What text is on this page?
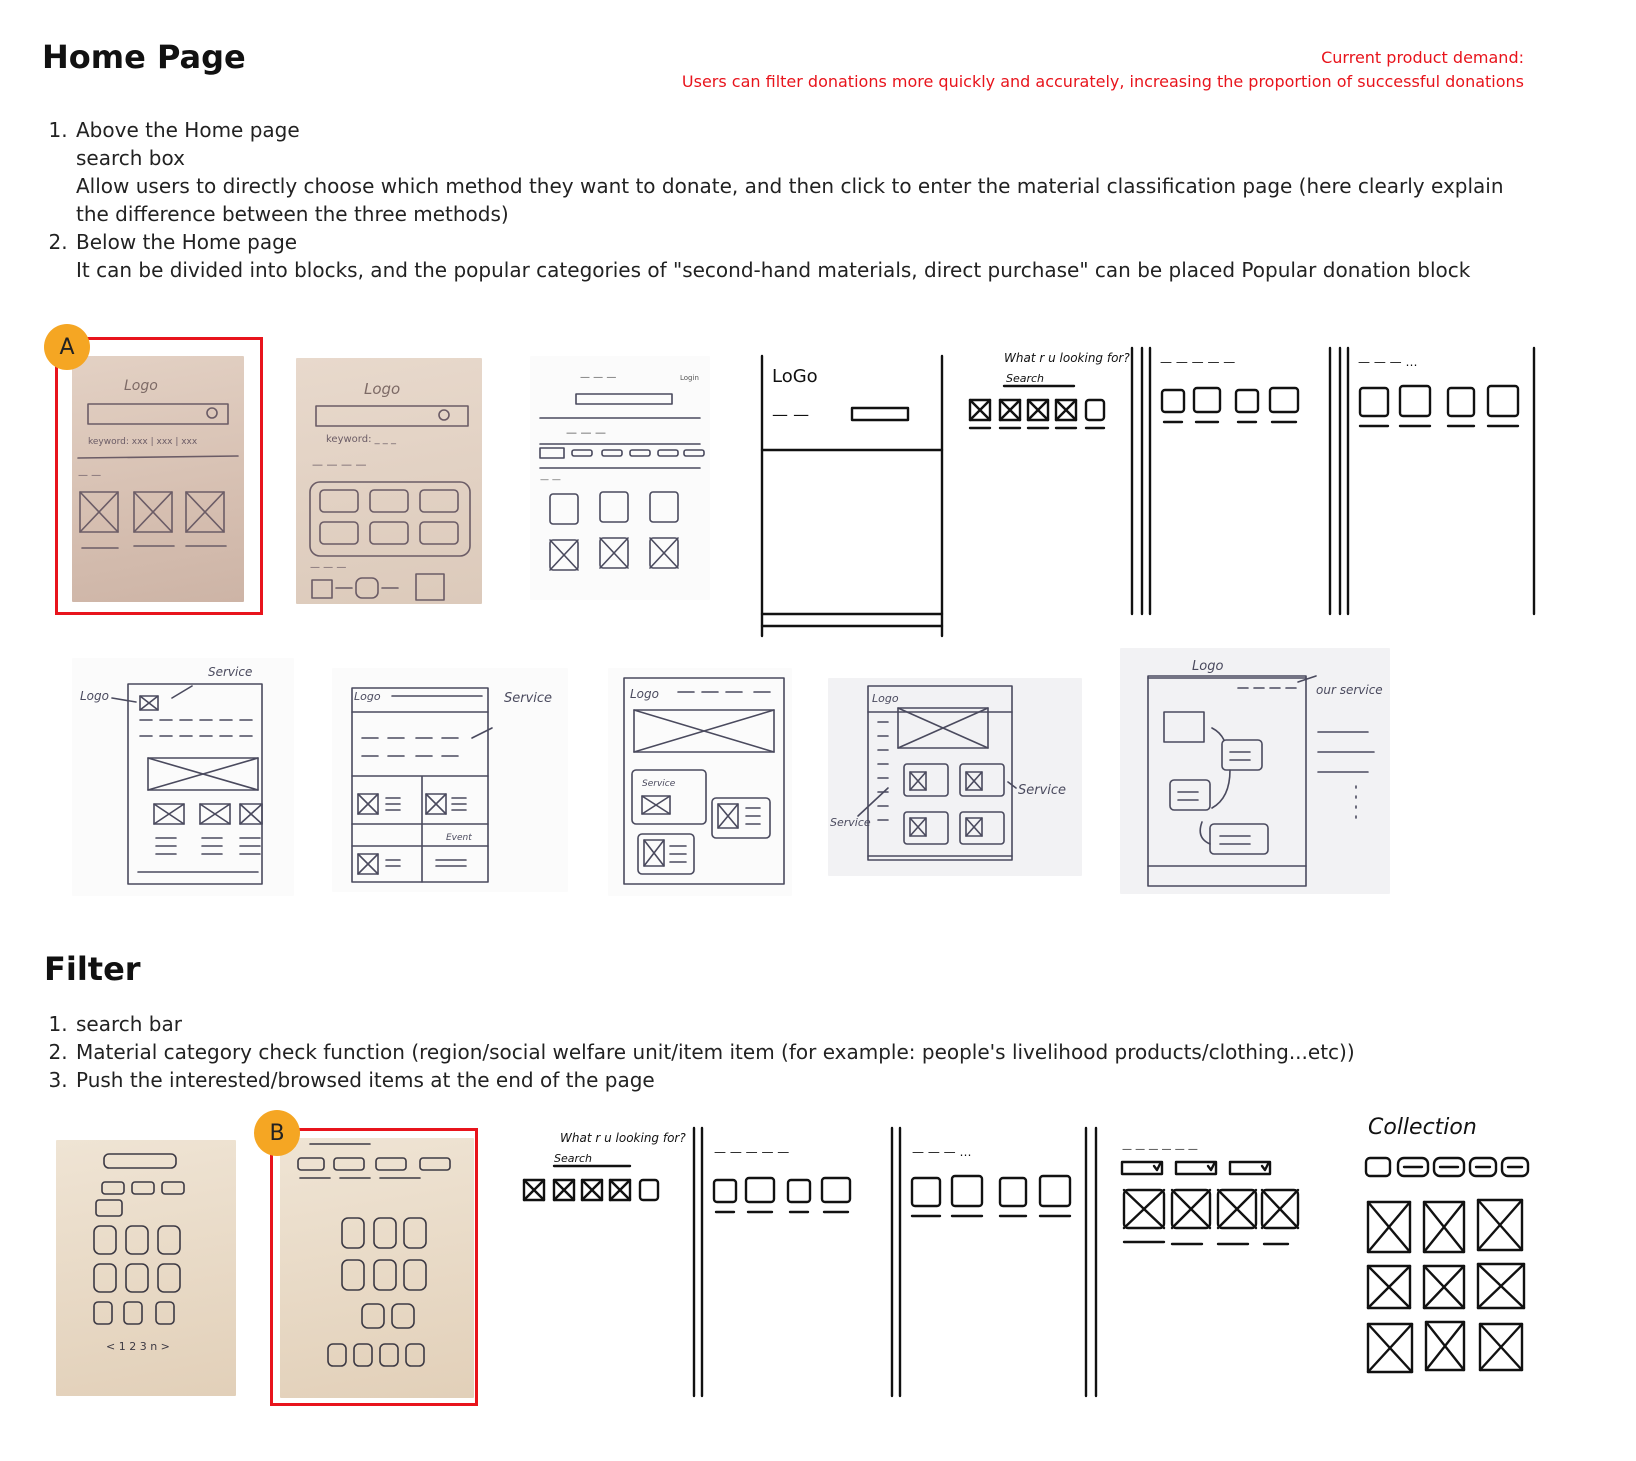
Home Page	Current product demand:
Users can filter donations more quickly and accurately, increasing the proportion of successful donations
1. Above the Home page
search box
Allow users to directly choose which method they want to donate, and then click to enter the material classification page (here clearly explain the difference between the three methods)
2. Below the Home page
It can be divided into blocks, and the popular categories of "second-hand materials, direct purchase" can be placed Popular donation block
Logo
keyword: xxx | xxx | xxx
— —
A
Logo
keyword: _ _ _
— — — —
— — —
— — —	Login
— — —
— —
LoGo
— —
What r u looking for?
Search
— — — — —	— — — …
Logo
Service
Service
Logo
Event
Logo
Service
Logo
Service
Service
Logo
our service
Filter
1. search bar
2. Material category check function (region/social welfare unit/item item (for example: people's livelihood products/clothing...etc))
3. Push the interested/browsed items at the end of the page
< 1 2 3 n >
B	What r u looking for?
Search	— — — — —	— — — …	— — — — — —
Collection
